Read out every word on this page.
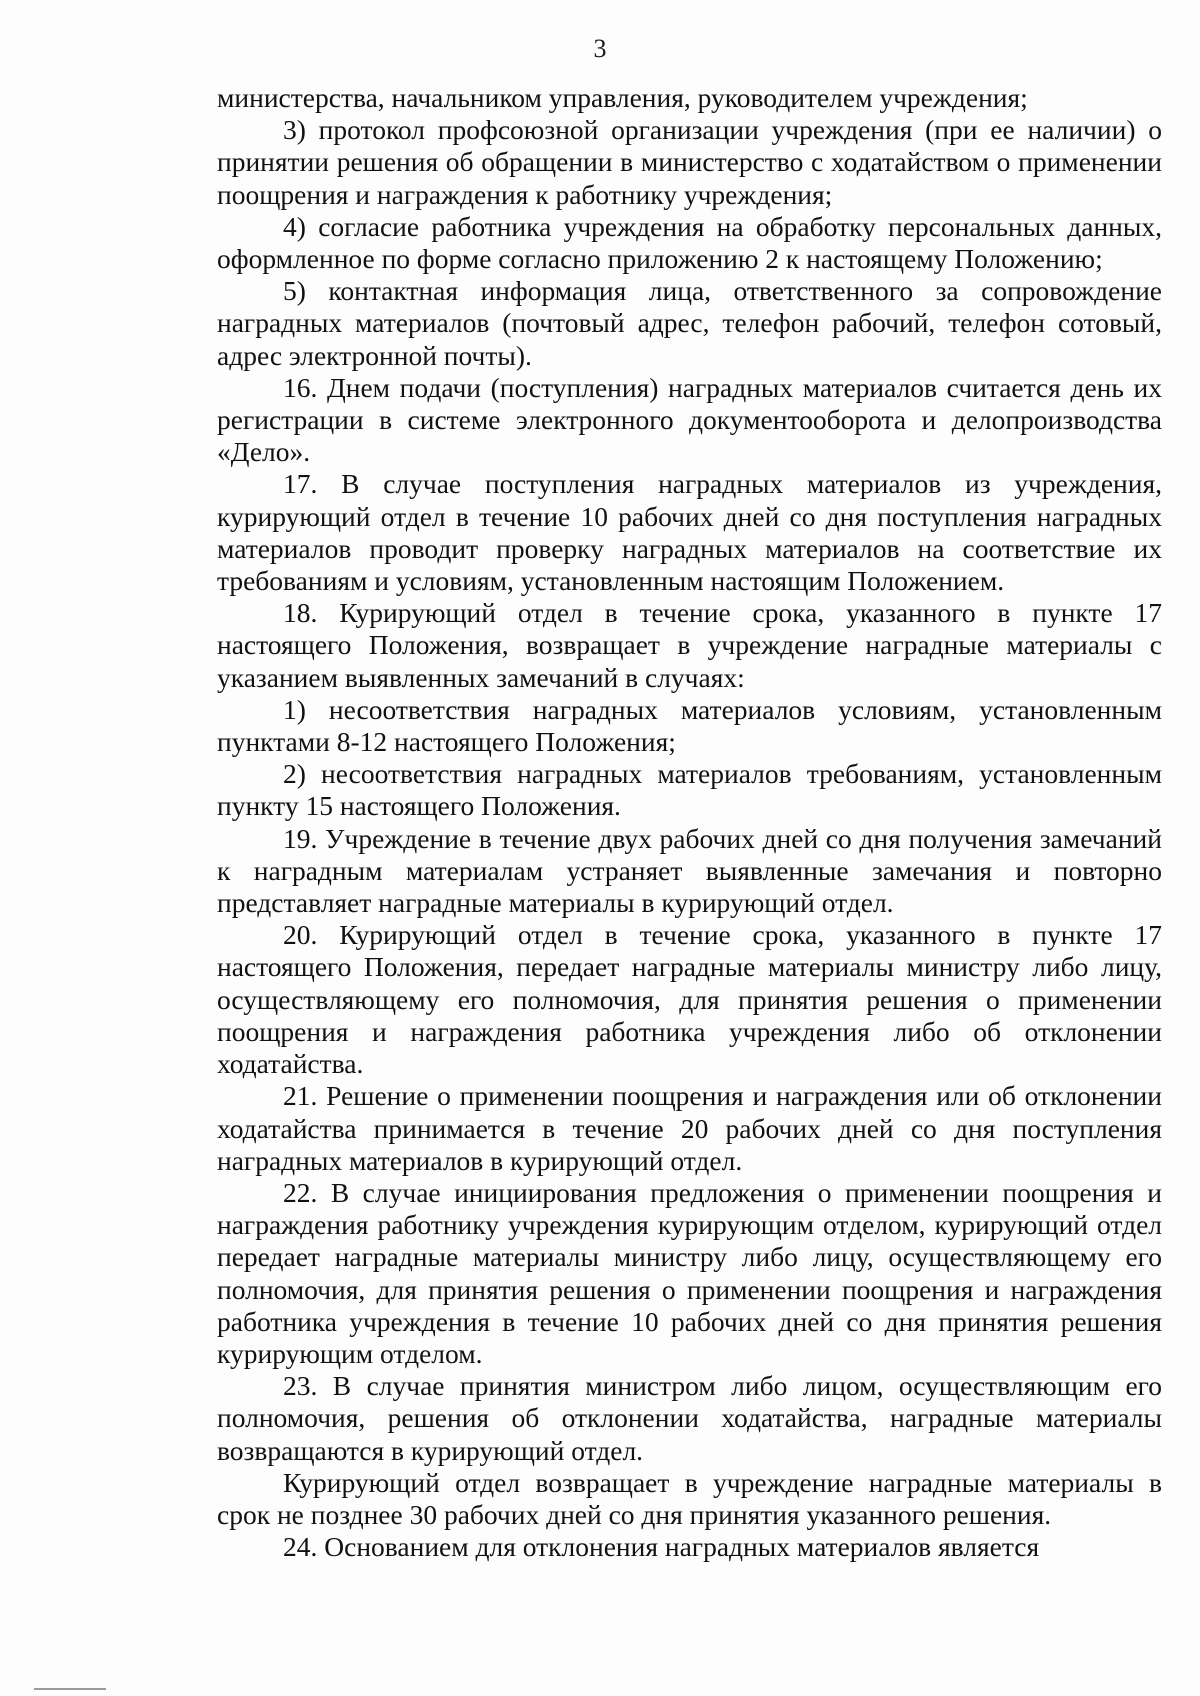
3

министерства, начальником управления, руководителем учреждения;

3) протокол профсоюзной организации учреждения (при ее наличии) о принятии решения об обращении в министерство с ходатайством о применении поощрения и награждения к работнику учреждения;

4) согласие работника учреждения на обработку персональных данных, оформленное по форме согласно приложению 2 к настоящему Положению;

5) контактная информация лица, ответственного за сопровождение наградных материалов (почтовый адрес, телефон рабочий, телефон сотовый, адрес электронной почты).

16. Днем подачи (поступления) наградных материалов считается день их регистрации в системе электронного документооборота и делопроизводства «Дело».

17. В случае поступления наградных материалов из учреждения, курирующий отдел в течение 10 рабочих дней со дня поступления наградных материалов проводит проверку наградных материалов на соответствие их требованиям и условиям, установленным настоящим Положением.

18. Курирующий отдел в течение срока, указанного в пункте 17 настоящего Положения, возвращает в учреждение наградные материалы с указанием выявленных замечаний в случаях:

1) несоответствия наградных материалов условиям, установленным пунктами 8-12 настоящего Положения;

2) несоответствия наградных материалов требованиям, установленным пункту 15 настоящего Положения.

19. Учреждение в течение двух рабочих дней со дня получения замечаний к наградным материалам устраняет выявленные замечания и повторно представляет наградные материалы в курирующий отдел.

20. Курирующий отдел в течение срока, указанного в пункте 17 настоящего Положения, передает наградные материалы министру либо лицу, осуществляющему его полномочия, для принятия решения о применении поощрения и награждения работника учреждения либо об отклонении ходатайства.

21. Решение о применении поощрения и награждения или об отклонении ходатайства принимается в течение 20 рабочих дней со дня поступления наградных материалов в курирующий отдел.

22. В случае инициирования предложения о применении поощрения и награждения работнику учреждения курирующим отделом, курирующий отдел передает наградные материалы министру либо лицу, осуществляющему его полномочия, для принятия решения о применении поощрения и награждения работника учреждения в течение 10 рабочих дней со дня принятия решения курирующим отделом.

23. В случае принятия министром либо лицом, осуществляющим его полномочия, решения об отклонении ходатайства, наградные материалы возвращаются в курирующий отдел.

Курирующий отдел возвращает в учреждение наградные материалы в срок не позднее 30 рабочих дней со дня принятия указанного решения.

24. Основанием для отклонения наградных материалов является
